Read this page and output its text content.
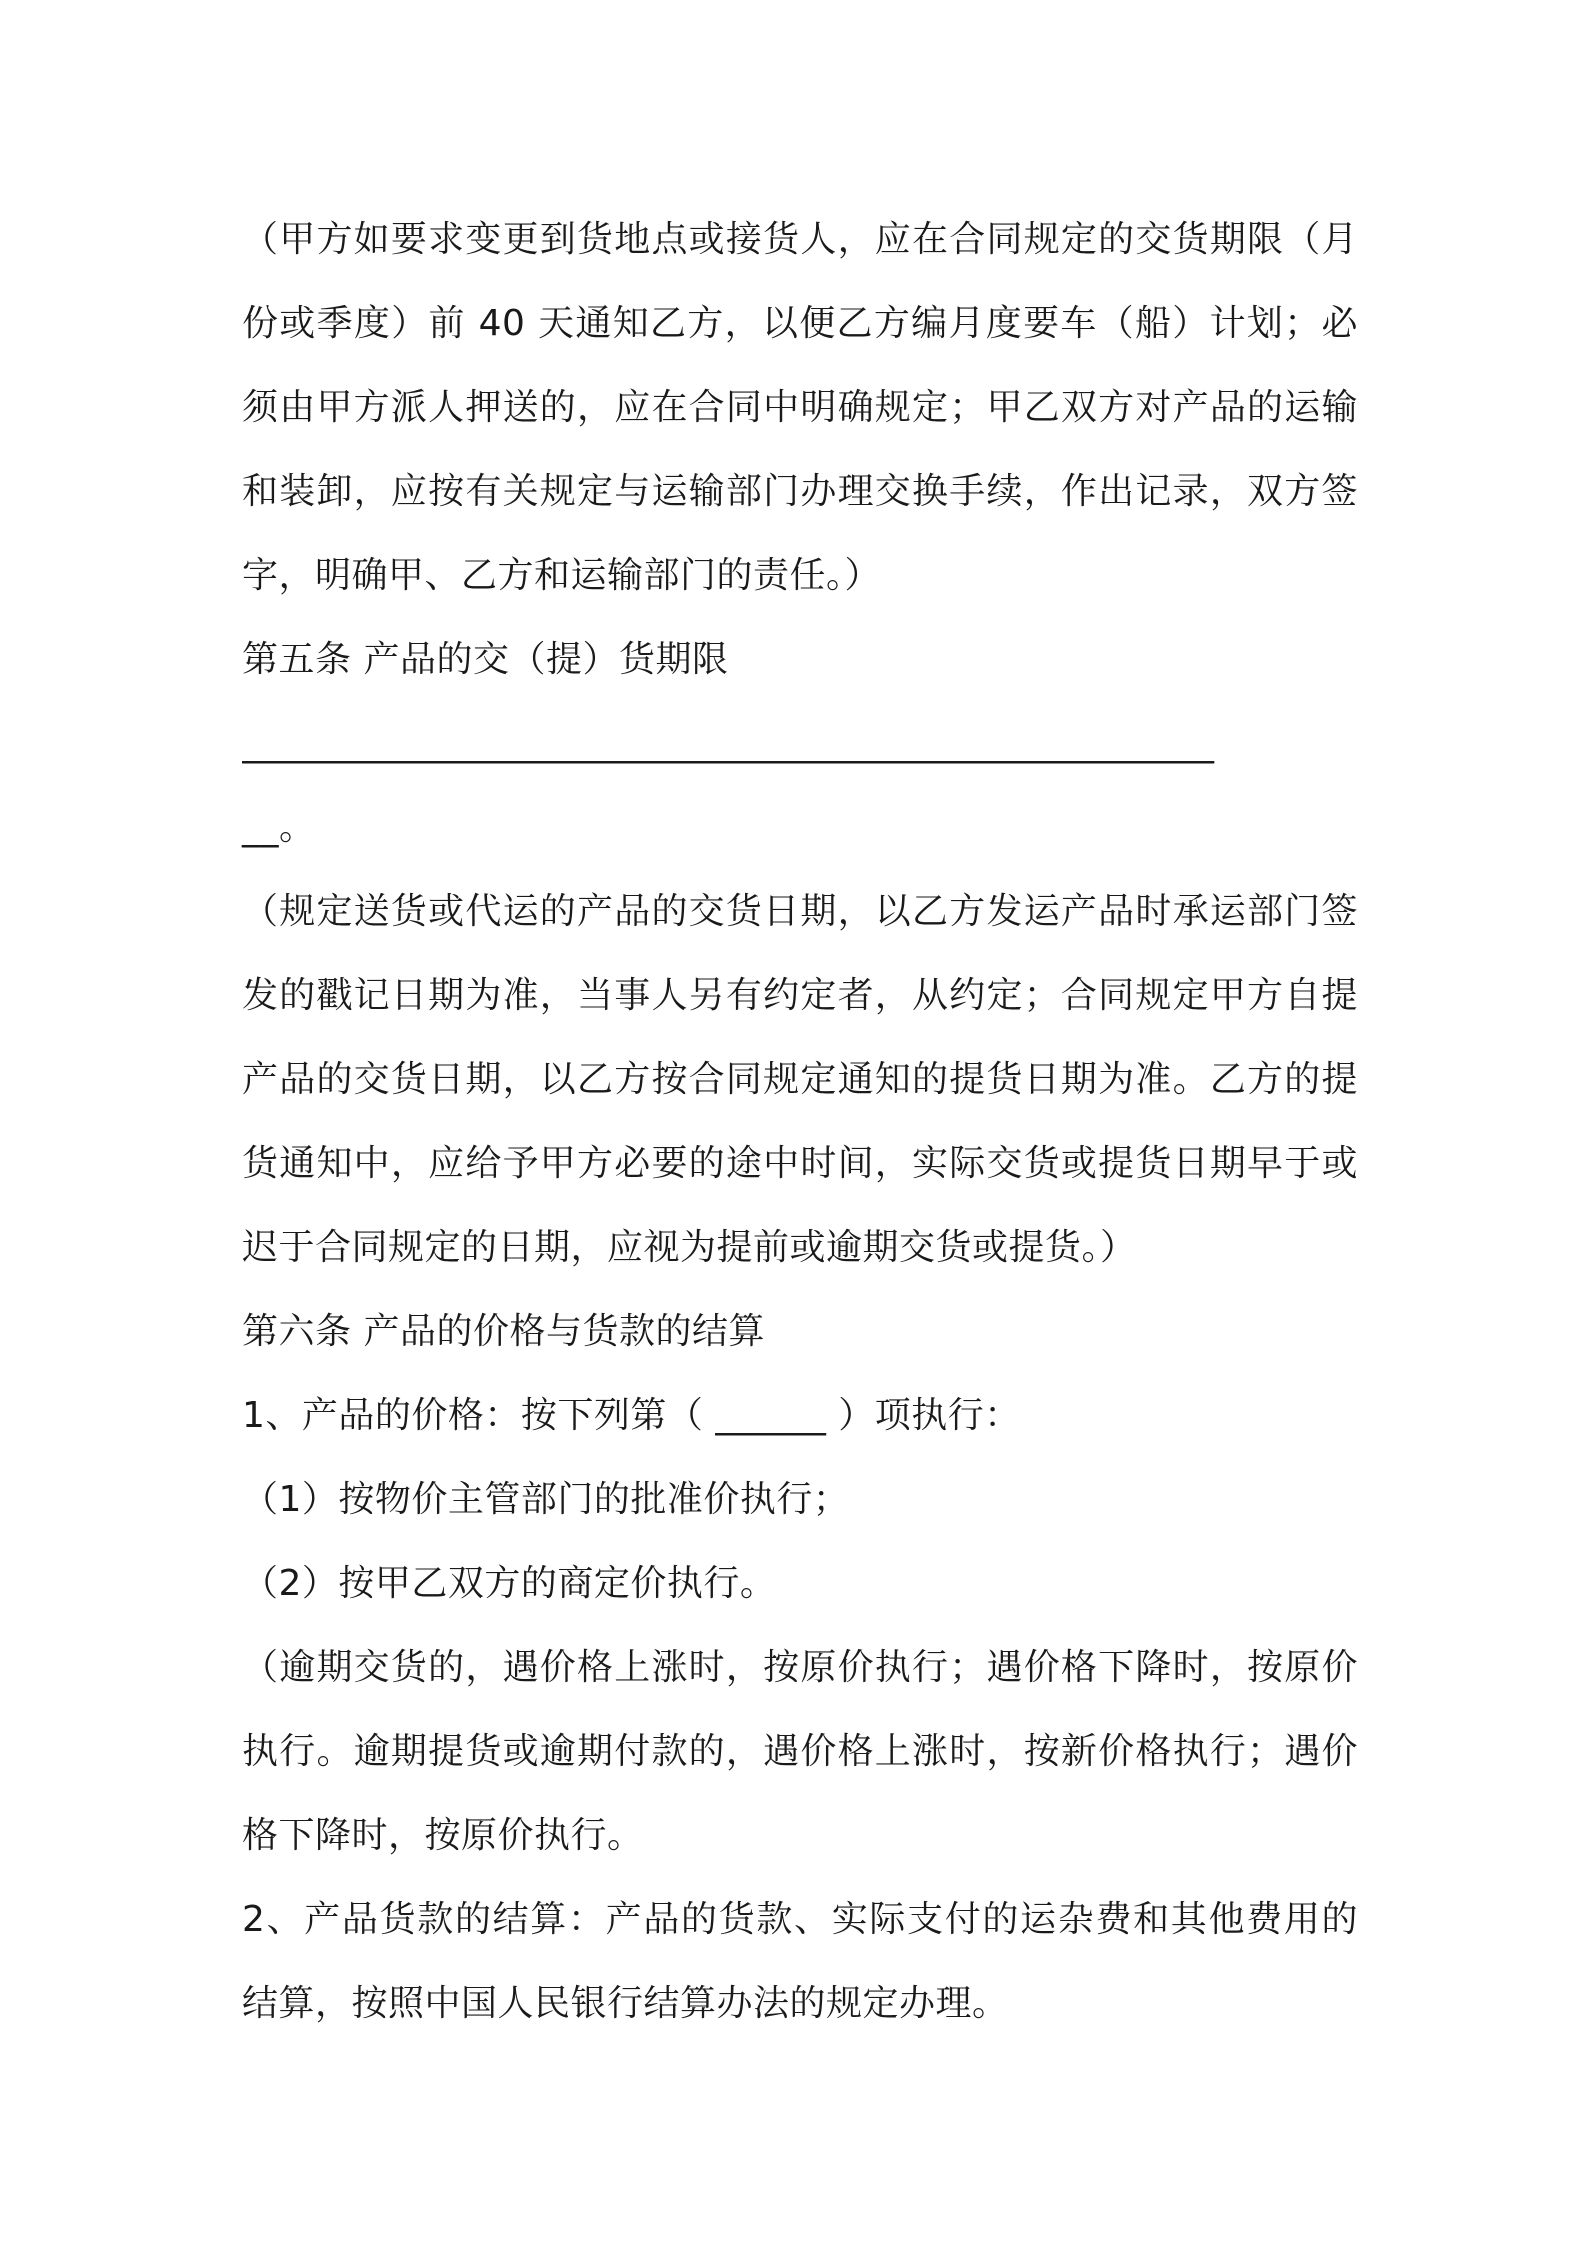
（甲方如要求变更到货地点或接货人，应在合同规定的交货期限（月份或季度）前 40 天通知乙方，以便乙方编月度要车（船）计划；必须由甲方派人押送的，应在合同中明确规定；甲乙双方对产品的运输和装卸，应按有关规定与运输部门办理交换手续，作出记录，双方签字，明确甲、乙方和运输部门的责任。）

第五条 产品的交（提）货期限

______________________________________________________

__。

（规定送货或代运的产品的交货日期，以乙方发运产品时承运部门签发的戳记日期为准，当事人另有约定者，从约定；合同规定甲方自提产品的交货日期，以乙方按合同规定通知的提货日期为准。乙方的提货通知中，应给予甲方必要的途中时间，实际交货或提货日期早于或迟于合同规定的日期，应视为提前或逾期交货或提货。）

第六条 产品的价格与货款的结算

1、产品的价格：按下列第（ ______ ）项执行：

（1）按物价主管部门的批准价执行；

（2）按甲乙双方的商定价执行。

（逾期交货的，遇价格上涨时，按原价执行；遇价格下降时，按原价执行。逾期提货或逾期付款的，遇价格上涨时，按新价格执行；遇价格下降时，按原价执行。

2、产品货款的结算：产品的货款、实际支付的运杂费和其他费用的结算，按照中国人民银行结算办法的规定办理。
